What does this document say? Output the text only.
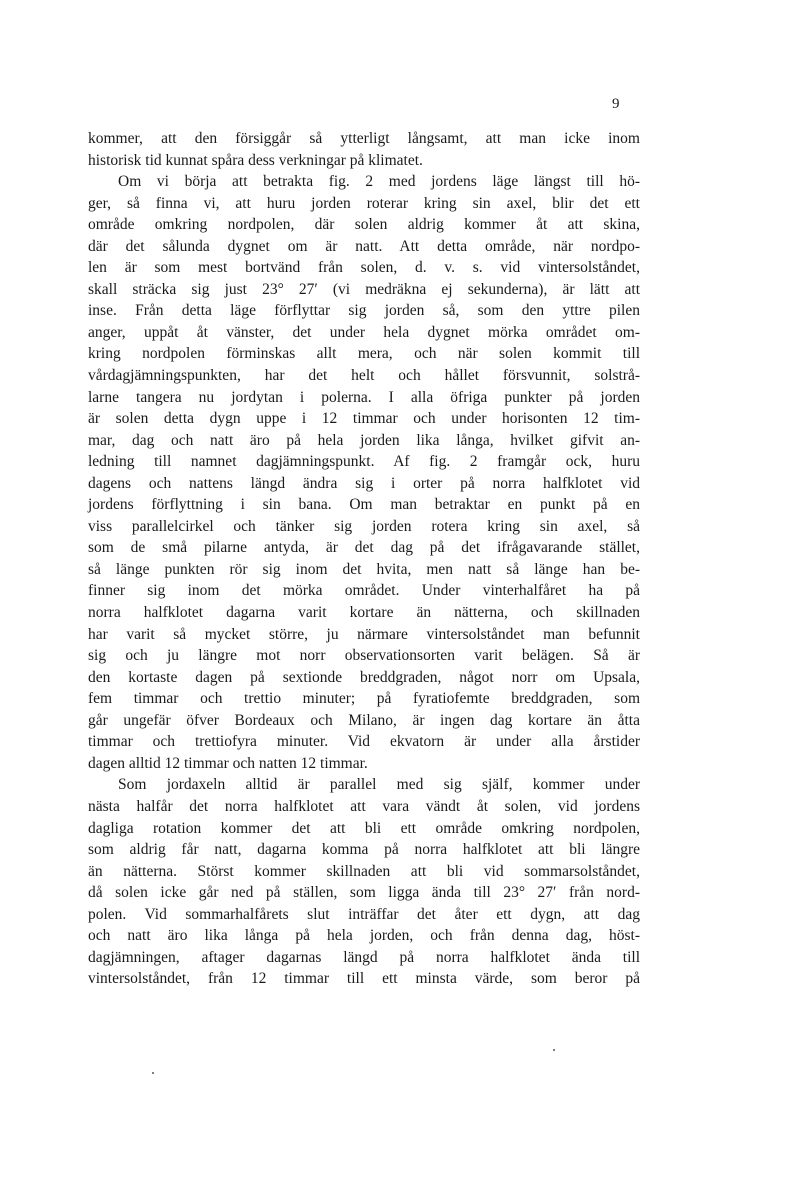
9
kommer, att den försiggår så ytterligt långsamt, att man icke inom
historisk tid kunnat spåra dess verkningar på klimatet.
Om vi börja att betrakta fig. 2 med jordens läge längst till hö-
ger, så finna vi, att huru jorden roterar kring sin axel, blir det ett
område omkring nordpolen, där solen aldrig kommer åt att skina,
där det sålunda dygnet om är natt. Att detta område, när nordpo-
len är som mest bortvänd från solen, d. v. s. vid vintersolståndet,
skall sträcka sig just 23° 27′ (vi medräkna ej sekunderna), är lätt att
inse. Från detta läge förflyttar sig jorden så, som den yttre pilen
anger, uppåt åt vänster, det under hela dygnet mörka området om-
kring nordpolen förminskas allt mera, och när solen kommit till
vårdagjämningspunkten, har det helt och hållet försvunnit, solstrå-
larne tangera nu jordytan i polerna. I alla öfriga punkter på jorden
är solen detta dygn uppe i 12 timmar och under horisonten 12 tim-
mar, dag och natt äro på hela jorden lika långa, hvilket gifvit an-
ledning till namnet dagjämningspunkt. Af fig. 2 framgår ock, huru
dagens och nattens längd ändra sig i orter på norra halfklotet vid
jordens förflyttning i sin bana. Om man betraktar en punkt på en
viss parallelcirkel och tänker sig jorden rotera kring sin axel, så
som de små pilarne antyda, är det dag på det ifrågavarande stället,
så länge punkten rör sig inom det hvita, men natt så länge han be-
finner sig inom det mörka området. Under vinterhalfåret ha på
norra halfklotet dagarna varit kortare än nätterna, och skillnaden
har varit så mycket större, ju närmare vintersolståndet man befunnit
sig och ju längre mot norr observationsorten varit belägen. Så är
den kortaste dagen på sextionde breddgraden, något norr om Upsala,
fem timmar och trettio minuter; på fyratiofemte breddgraden, som
går ungefär öfver Bordeaux och Milano, är ingen dag kortare än åtta
timmar och trettiofyra minuter. Vid ekvatorn är under alla årstider
dagen alltid 12 timmar och natten 12 timmar.
Som jordaxeln alltid är parallel med sig själf, kommer under
nästa halfår det norra halfklotet att vara vändt åt solen, vid jordens
dagliga rotation kommer det att bli ett område omkring nordpolen,
som aldrig får natt, dagarna komma på norra halfklotet att bli längre
än nätterna. Störst kommer skillnaden att bli vid sommarsolståndet,
då solen icke går ned på ställen, som ligga ända till 23° 27′ från nord-
polen. Vid sommarhalfårets slut inträffar det åter ett dygn, att dag
och natt äro lika långa på hela jorden, och från denna dag, höst-
dagjämningen, aftager dagarnas längd på norra halfklotet ända till
vintersolståndet, från 12 timmar till ett minsta värde, som beror på
